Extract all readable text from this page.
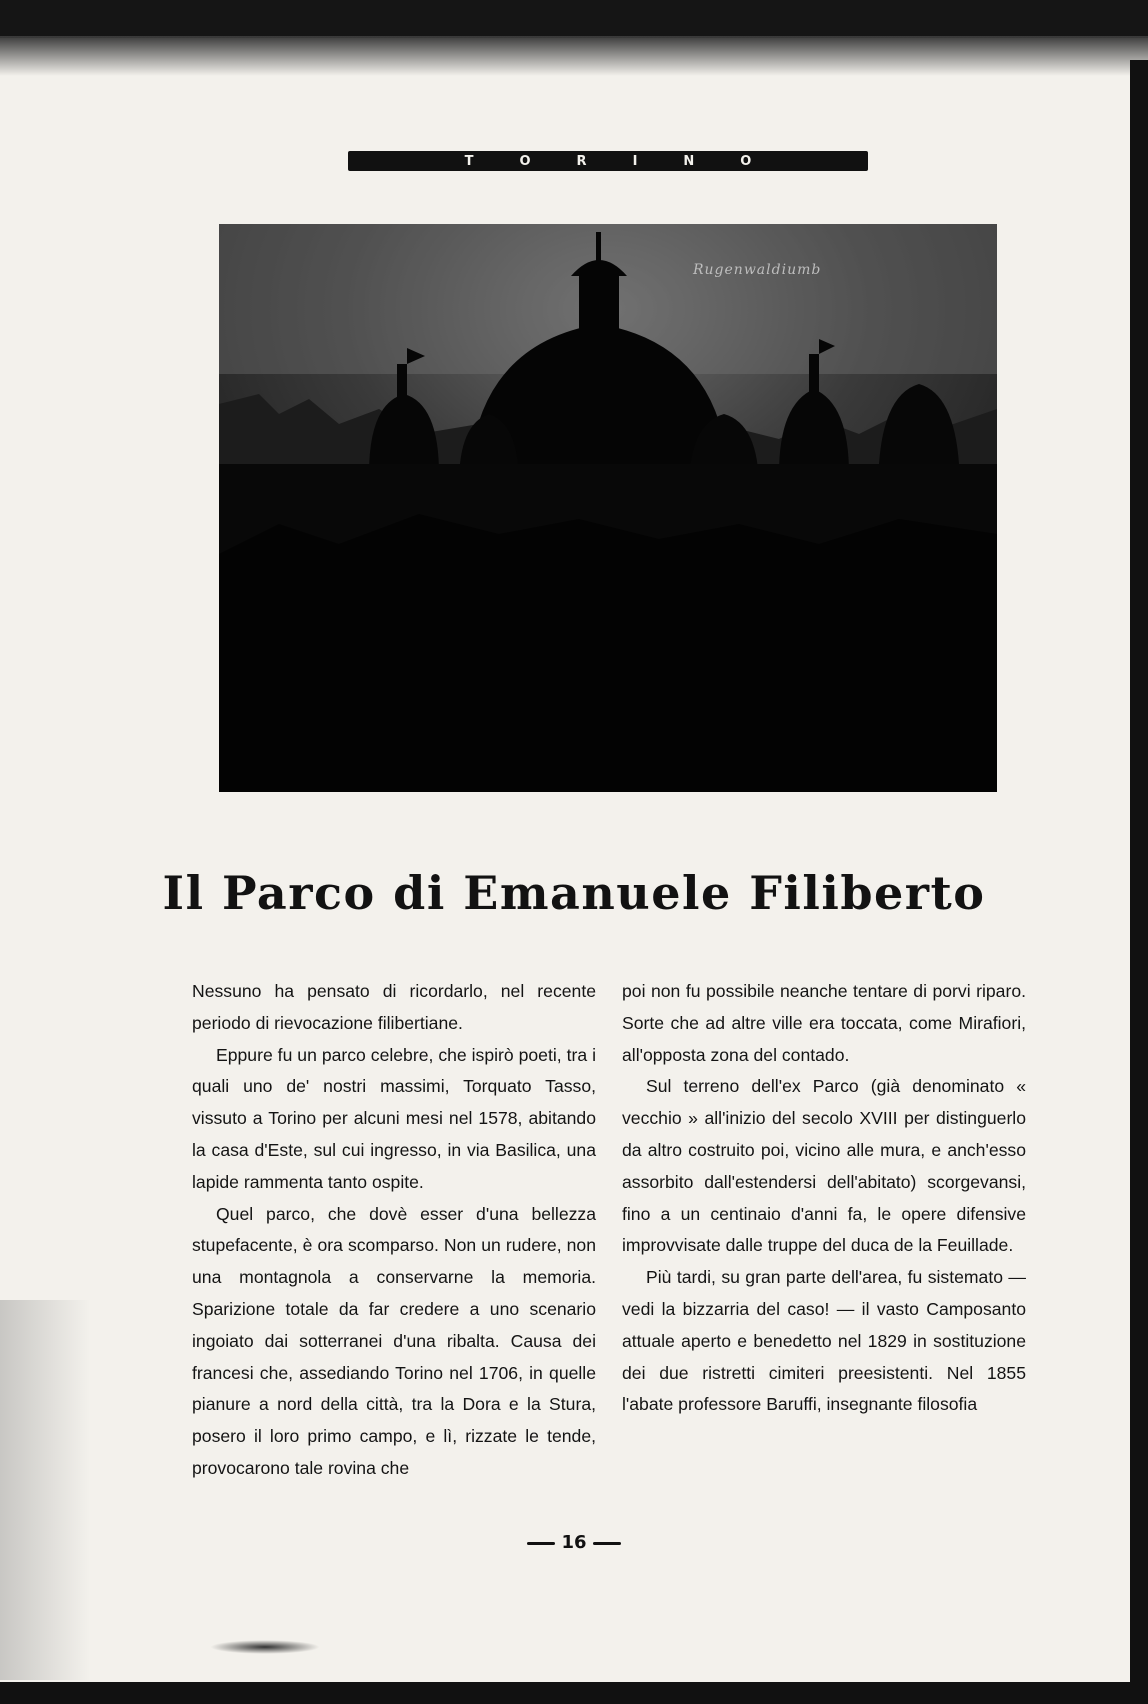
TORINO
Rugenwaldiumb
Il Parco di Emanuele Filiberto

Nessuno ha pensato di ricordarlo, nel recente periodo di rievocazione filibertiane.

Eppure fu un parco celebre, che ispirò poeti, tra i quali uno de' nostri massimi, Torquato Tasso, vissuto a Torino per alcuni mesi nel 1578, abitando la casa d'Este, sul cui ingresso, in via Basilica, una lapide rammenta tanto ospite.

Quel parco, che dovè esser d'una bellezza stupefacente, è ora scomparso. Non un rudere, non una montagnola a conservarne la memoria. Sparizione totale da far credere a uno scenario ingoiato dai sotterranei d'una ribalta. Causa dei francesi che, assediando Torino nel 1706, in quelle pianure a nord della città, tra la Dora e la Stura, posero il loro primo campo, e lì, rizzate le tende, provocarono tale rovina che

poi non fu possibile neanche tentare di porvi riparo. Sorte che ad altre ville era toccata, come Mirafiori, all'opposta zona del contado.

Sul terreno dell'ex Parco (già denominato « vecchio » all'inizio del secolo XVIII per distinguerlo da altro costruito poi, vicino alle mura, e anch'esso assorbito dall'estendersi dell'abitato) scorgevansi, fino a un centinaio d'anni fa, le opere difensive improvvisate dalle truppe del duca de la Feuillade.

Più tardi, su gran parte dell'area, fu sistemato — vedi la bizzarria del caso! — il vasto Camposanto attuale aperto e benedetto nel 1829 in sostituzione dei due ristretti cimiteri preesistenti. Nel 1855 l'abate professore Baruffi, insegnante filosofia

16
